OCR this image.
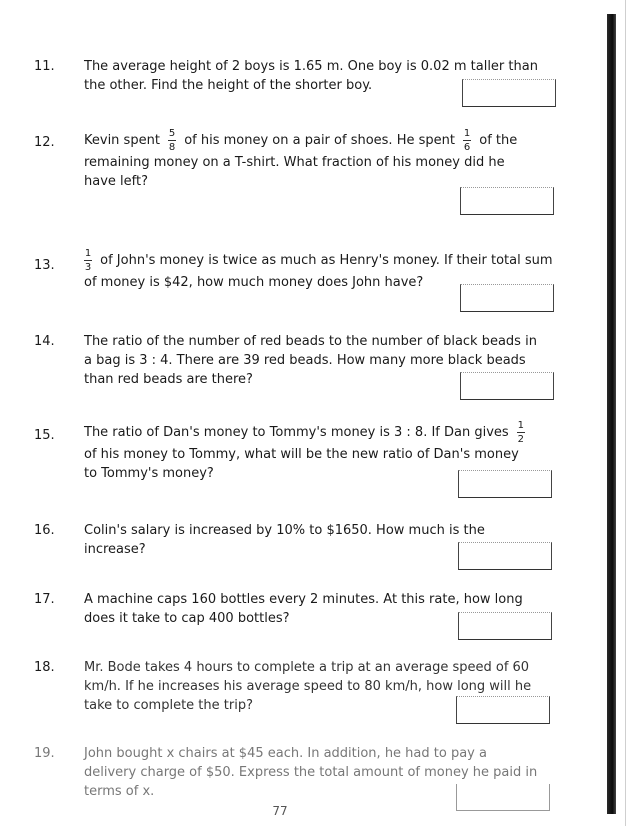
11. The average height of 2 boys is 1.65 m. One boy is 0.02 m taller than
the other. Find the height of the shorter boy.
12. Kevin spent $\frac{5}{8}$ of his money on a pair of shoes. He spent $\frac{1}{6}$ of the
remaining money on a T-shirt. What fraction of his money did he
have left?
13.	$\frac{1}{3}$ of John's money is twice as much as Henry's money. If their total sum
of money is $42, how much money does John have?
14. The ratio of the number of red beads to the number of black beads in
a bag is 3 : 4. There are 39 red beads. How many more black beads
than red beads are there?
15. The ratio of Dan's money to Tommy's money is 3 : 8. If Dan gives $\frac{1}{2}$
of his money to Tommy, what will be the new ratio of Dan's money
to Tommy's money?
16. Colin's salary is increased by 10% to $1650. How much is the
increase?
17. A machine caps 160 bottles every 2 minutes. At this rate, how long
does it take to cap 400 bottles?
18. Mr. Bode takes 4 hours to complete a trip at an average speed of 60
km/h. If he increases his average speed to 80 km/h, how long will he
take to complete the trip?
19. John bought x chairs at $45 each. In addition, he had to pay a
delivery charge of $50. Express the total amount of money he paid in
terms of x.
77
